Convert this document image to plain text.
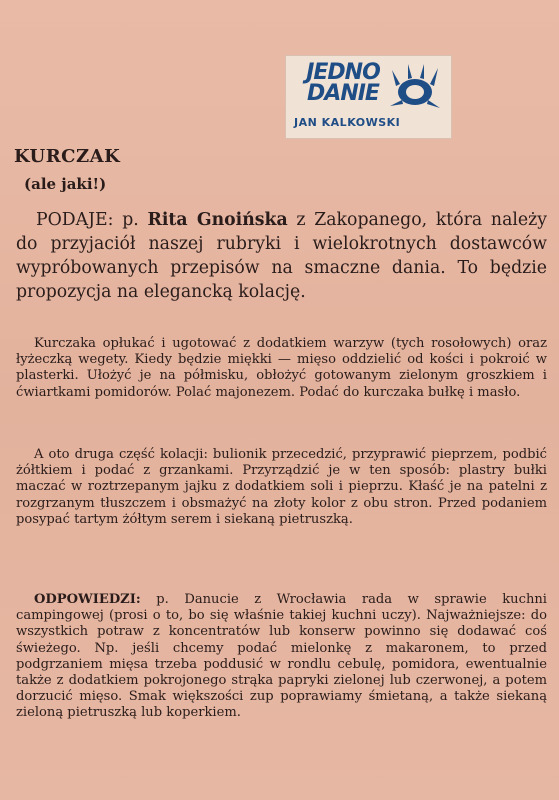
JEDNO
DANIE
JAN KALKOWSKI
KURCZAK
(ale jaki!)

PODAJE: p. Rita Gnoińska z Zakopanego, która należy do przyjaciół naszej rubryki i wielokrotnych dostawców wypróbowanych przepisów na smaczne dania. To będzie propozycja na elegancką kolację.

Kurczaka opłukać i ugotować z dodatkiem warzyw (tych rosołowych) oraz łyżeczką wegety. Kiedy będzie miękki — mięso oddzielić od kości i pokroić w plasterki. Ułożyć je na półmisku, obłożyć gotowanym zielonym groszkiem i ćwiartkami pomidorów. Polać majonezem. Podać do kurczaka bułkę i masło.

A oto druga część kolacji: bulionik przecedzić, przyprawić pieprzem, podbić żółtkiem i podać z grzankami. Przyrządzić je w ten sposób: plastry bułki maczać w roztrzepanym jajku z dodatkiem soli i pieprzu. Kłaść je na patelni z rozgrzanym tłuszczem i obsmażyć na złoty kolor z obu stron. Przed podaniem posypać tartym żółtym serem i siekaną pietruszką.

ODPOWIEDZI: p. Danucie z Wrocławia rada w sprawie kuchni campingowej (prosi o to, bo się właśnie takiej kuchni uczy). Najważniejsze: do wszystkich potraw z koncentratów lub konserw powinno się dodawać coś świeżego. Np. jeśli chcemy podać mielonkę z makaronem, to przed podgrzaniem mięsa trzeba poddusić w rondlu cebulę, pomidora, ewentualnie także z dodatkiem pokrojonego strąka papryki zielonej lub czerwonej, a potem dorzucić mięso. Smak większości zup poprawiamy śmietaną, a także siekaną zieloną pietruszką lub koperkiem.
